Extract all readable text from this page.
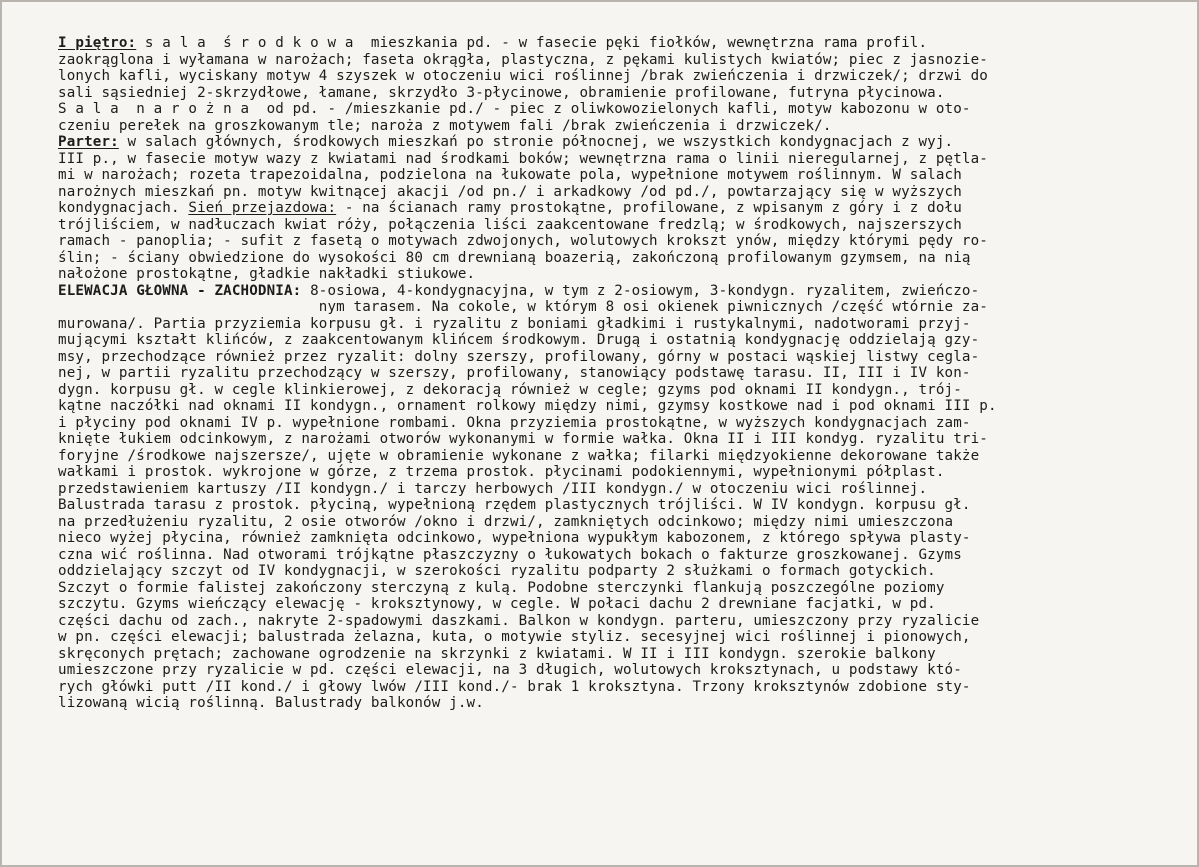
I piętro: s a l a  ś r o d k o w a  mieszkania pd. - w fasecie pęki fiołków, wewnętrzna rama profil.
zaokrąglona i wyłamana w narożach; faseta okrągła, plastyczna, z pękami kulistych kwiatów; piec z jasnozie-
lonych kafli, wyciskany motyw 4 szyszek w otoczeniu wici roślinnej /brak zwieńczenia i drzwiczek/; drzwi do
sali sąsiedniej 2-skrzydłowe, łamane, skrzydło 3-płycinowe, obramienie profilowane, futryna płycinowa.
S a l a  n a r o ż n a  od pd. - /mieszkanie pd./ - piec z oliwkowozielonych kafli, motyw kabozonu w oto-
czeniu perełek na groszkowanym tle; naroża z motywem fali /brak zwieńczenia i drzwiczek/.
Parter: w salach głównych, środkowych mieszkań po stronie północnej, we wszystkich kondygnacjach z wyj.
III p., w fasecie motyw wazy z kwiatami nad środkami boków; wewnętrzna rama o linii nieregularnej, z pętla-
mi w narożach; rozeta trapezoidalna, podzielona na łukowate pola, wypełnione motywem roślinnym. W salach
narożnych mieszkań pn. motyw kwitnącej akacji /od pn./ i arkadkowy /od pd./, powtarzający się w wyższych
kondygnacjach. Sień przejazdowa: - na ścianach ramy prostokątne, profilowane, z wpisanym z góry i z dołu
trójliściem, w nadłuczach kwiat róży, połączenia liści zaakcentowane fredzlą; w środkowych, najszerszych
ramach - panoplia; - sufit z fasetą o motywach zdwojonych, wolutowych krokszt ynów, między którymi pędy ro-
ślin; - ściany obwiedzione do wysokości 80 cm drewnianą boazerią, zakończoną profilowanym gzymsem, na nią
nałożone prostokątne, gładkie nakładki stiukowe.
ELEWACJA GŁOWNA - ZACHODNIA: 8-osiowa, 4-kondygnacyjna, w tym z 2-osiowym, 3-kondygn. ryzalitem, zwieńczo-
nym tarasem. Na cokole, w którym 8 osi okienek piwnicznych /część wtórnie za-
murowana/. Partia przyziemia korpusu gł. i ryzalitu z boniami gładkimi i rustykalnymi, nadotworami przyj-
mującymi kształt klińców, z zaakcentowanym klińcem środkowym. Drugą i ostatnią kondygnację oddzielają gzy-
msy, przechodzące również przez ryzalit: dolny szerszy, profilowany, górny w postaci wąskiej listwy cegla-
nej, w partii ryzalitu przechodzący w szerszy, profilowany, stanowiący podstawę tarasu. II, III i IV kon-
dygn. korpusu gł. w cegle klinkierowej, z dekoracją również w cegle; gzyms pod oknami II kondygn., trój-
kątne naczółki nad oknami II kondygn., ornament rolkowy między nimi, gzymsy kostkowe nad i pod oknami III p.
i płyciny pod oknami IV p. wypełnione rombami. Okna przyziemia prostokątne, w wyższych kondygnacjach zam-
knięte łukiem odcinkowym, z narożami otworów wykonanymi w formie wałka. Okna II i III kondyg. ryzalitu tri-
foryjne /środkowe najszersze/, ujęte w obramienie wykonane z wałka; filarki międzyokienne dekorowane także
wałkami i prostok. wykrojone w górze, z trzema prostok. płycinami podokiennymi, wypełnionymi półplast.
przedstawieniem kartuszy /II kondygn./ i tarczy herbowych /III kondygn./ w otoczeniu wici roślinnej.
Balustrada tarasu z prostok. płyciną, wypełnioną rzędem plastycznych trójliści. W IV kondygn. korpusu gł.
na przedłużeniu ryzalitu, 2 osie otworów /okno i drzwi/, zamkniętych odcinkowo; między nimi umieszczona
nieco wyżej płycina, również zamknięta odcinkowo, wypełniona wypukłym kabozonem, z którego spływa plasty-
czna wić roślinna. Nad otworami trójkątne płaszczyzny o łukowatych bokach o fakturze groszkowanej. Gzyms
oddzielający szczyt od IV kondygnacji, w szerokości ryzalitu podparty 2 służkami o formach gotyckich.
Szczyt o formie falistej zakończony sterczyną z kulą. Podobne sterczynki flankują poszczególne poziomy
szczytu. Gzyms wieńczący elewację - kroksztynowy, w cegle. W połaci dachu 2 drewniane facjatki, w pd.
części dachu od zach., nakryte 2-spadowymi daszkami. Balkon w kondygn. parteru, umieszczony przy ryzalicie
w pn. części elewacji; balustrada żelazna, kuta, o motywie styliz. secesyjnej wici roślinnej i pionowych,
skręconych prętach; zachowane ogrodzenie na skrzynki z kwiatami. W II i III kondygn. szerokie balkony
umieszczone przy ryzalicie w pd. części elewacji, na 3 długich, wolutowych kroksztynach, u podstawy któ-
rych główki putt /II kond./ i głowy lwów /III kond./- brak 1 kroksztyna. Trzony kroksztynów zdobione sty-
lizowaną wicią roślinną. Balustrady balkonów j.w.
